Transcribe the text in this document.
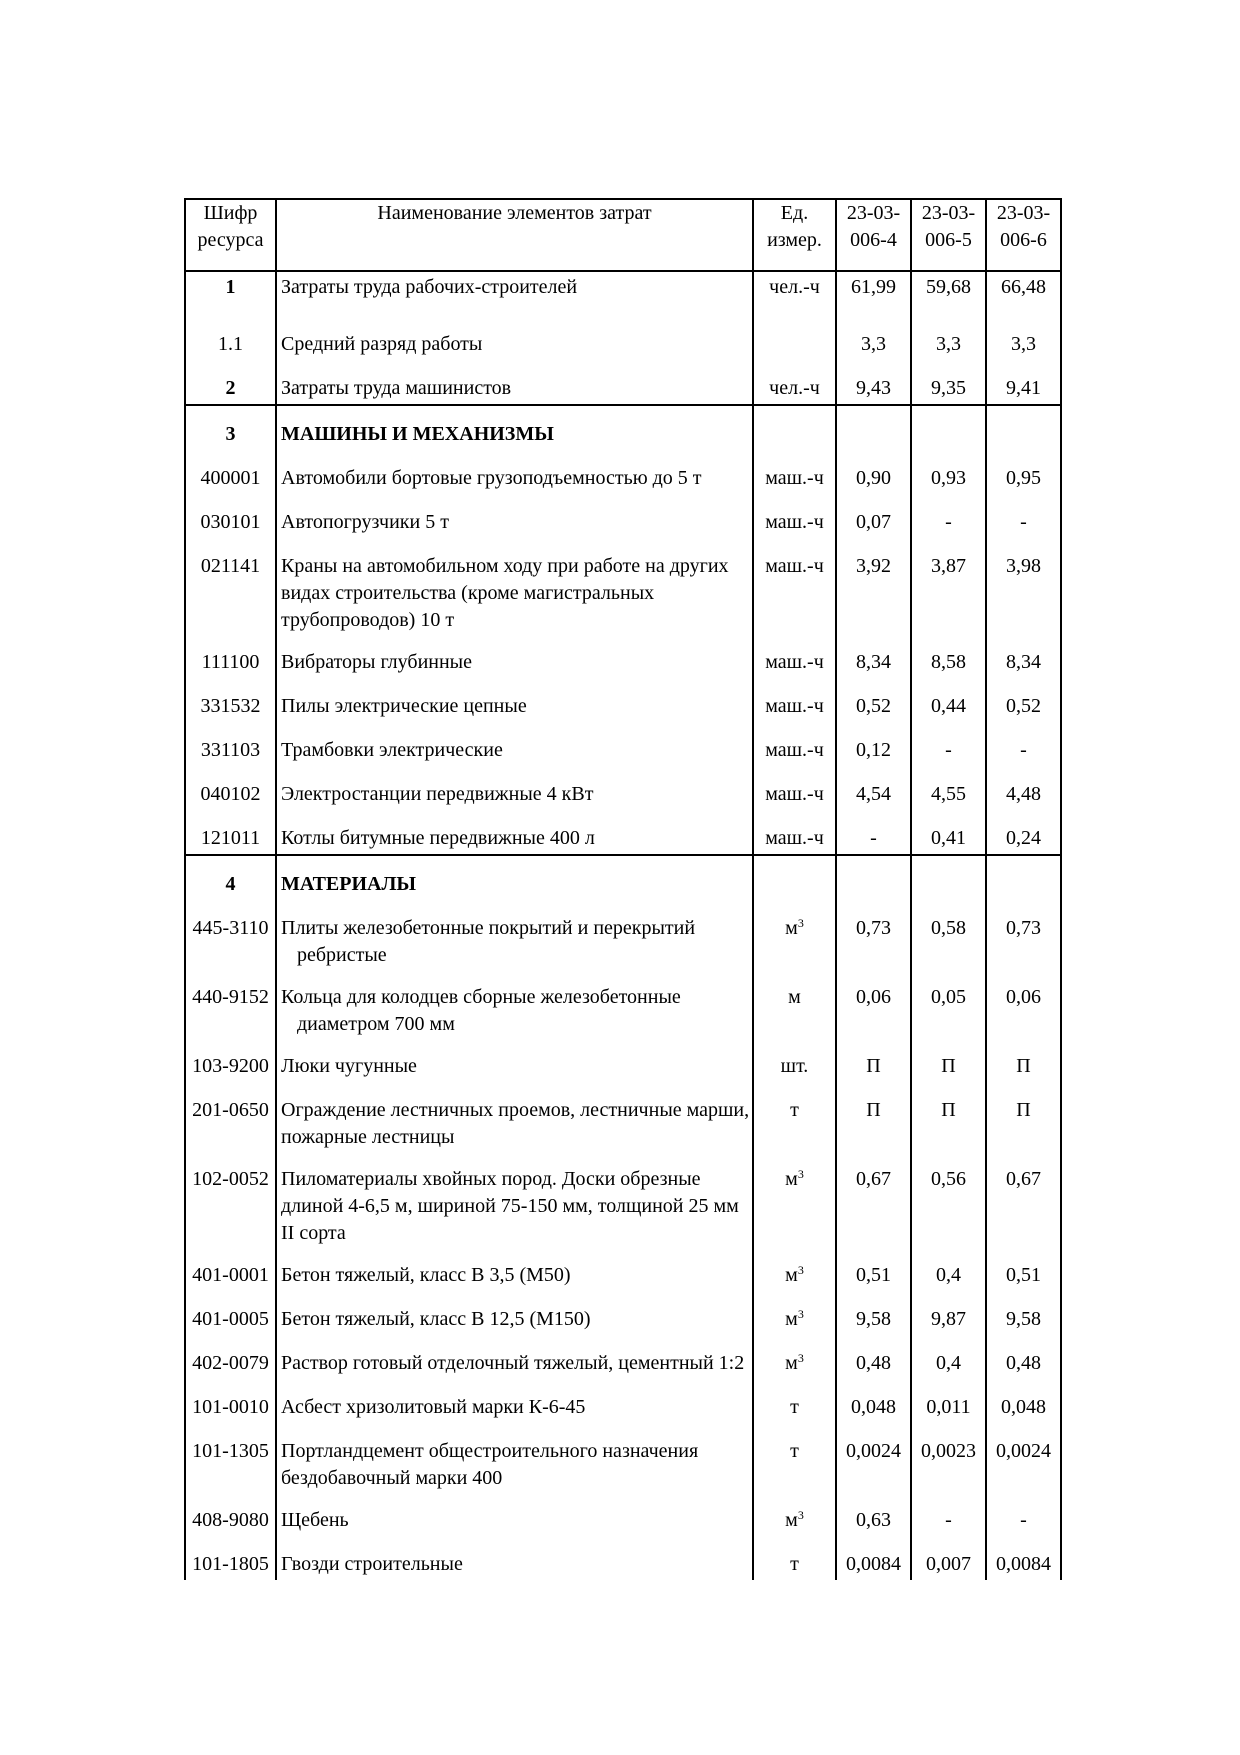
Шифр ресурса	Наименование элементов затрат	Ед. измер.	23-03-006-4	23-03-006-5	23-03-006-6
1	Затраты труда рабочих-строителей	чел.-ч	61,99	59,68	66,48
1.1	Средний разряд работы		3,3	3,3	3,3
2	Затраты труда машинистов	чел.-ч	9,43	9,35	9,41
3	МАШИНЫ И МЕХАНИЗМЫ				
400001	Автомобили бортовые грузоподъемностью до 5 т	маш.-ч	0,90	0,93	0,95
030101	Автопогрузчики 5 т	маш.-ч	0,07	-	-
021141	Краны на автомобильном ходу при работе на других видах строительства (кроме магистральных трубопроводов) 10 т	маш.-ч	3,92	3,87	3,98
111100	Вибраторы глубинные	маш.-ч	8,34	8,58	8,34
331532	Пилы электрические цепные	маш.-ч	0,52	0,44	0,52
331103	Трамбовки электрические	маш.-ч	0,12	-	-
040102	Электростанции передвижные 4 кВт	маш.-ч	4,54	4,55	4,48
121011	Котлы битумные передвижные 400 л	маш.-ч	-	0,41	0,24
4	МАТЕРИАЛЫ				
445-3110	Плиты железобетонные покрытий и перекрытий ребристые	$м^3$	0,73	0,58	0,73
440-9152	Кольца для колодцев сборные железобетонные диаметром 700 мм	м	0,06	0,05	0,06
103-9200	Люки чугунные	шт.	П	П	П
201-0650	Ограждение лестничных проемов, лестничные марши, пожарные лестницы	т	П	П	П
102-0052	Пиломатериалы хвойных пород. Доски обрезные длиной 4-6,5 м, шириной 75-150 мм, толщиной 25 мм II сорта	$м^3$	0,67	0,56	0,67
401-0001	Бетон тяжелый, класс В 3,5 (М50)	$м^3$	0,51	0,4	0,51
401-0005	Бетон тяжелый, класс В 12,5 (М150)	$м^3$	9,58	9,87	9,58
402-0079	Раствор готовый отделочный тяжелый, цементный 1:2	$м^3$	0,48	0,4	0,48
101-0010	Асбест хризолитовый марки К-6-45	т	0,048	0,011	0,048
101-1305	Портландцемент общестроительного назначения бездобавочный марки 400	т	0,0024	0,0023	0,0024
408-9080	Щебень	$м^3$	0,63	-	-
101-1805	Гвозди строительные	т	0,0084	0,007	0,0084
